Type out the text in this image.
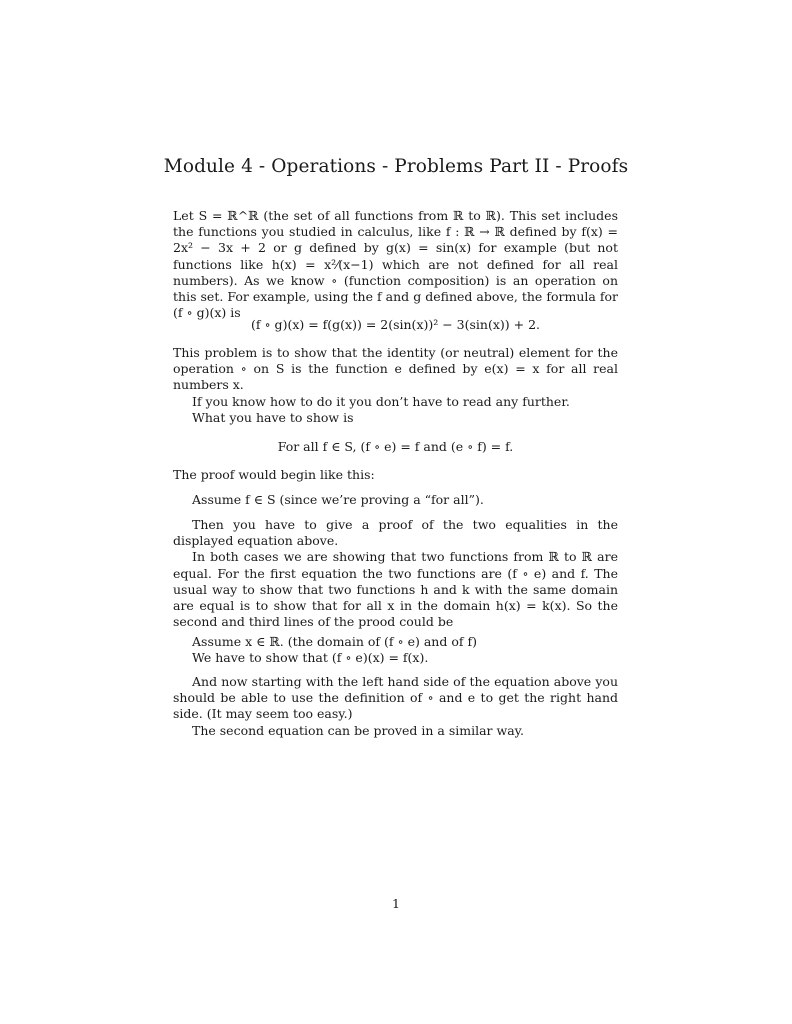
Module 4 - Operations - Problems Part II - Proofs

Let S = ℝ^ℝ (the set of all functions from ℝ to ℝ). This set includes the functions you studied in calculus, like f : ℝ → ℝ defined by f(x) = 2x² − 3x + 2 or g defined by g(x) = sin(x) for example (but not functions like h(x) = x²⁄(x−1) which are not defined for all real numbers). As we know ∘ (function composition) is an operation on this set. For example, using the f and g defined above, the formula for (f ∘ g)(x) is

(f ∘ g)(x) = f(g(x)) = 2(sin(x))² − 3(sin(x)) + 2.

This problem is to show that the identity (or neutral) element for the operation ∘ on S is the function e defined by e(x) = x for all real numbers x.

If you know how to do it you don’t have to read any further.

What you have to show is

For all f ∈ S, (f ∘ e) = f and (e ∘ f) = f.

The proof would begin like this:

Assume f ∈ S (since we’re proving a “for all”).

Then you have to give a proof of the two equalities in the displayed equation above.

In both cases we are showing that two functions from ℝ to ℝ are equal. For the first equation the two functions are (f ∘ e) and f. The usual way to show that two functions h and k with the same domain are equal is to show that for all x in the domain h(x) = k(x). So the second and third lines of the prood could be

Assume x ∈ ℝ. (the domain of (f ∘ e) and of f)

We have to show that (f ∘ e)(x) = f(x).

And now starting with the left hand side of the equation above you should be able to use the definition of ∘ and e to get the right hand side. (It may seem too easy.)

The second equation can be proved in a similar way.

1
